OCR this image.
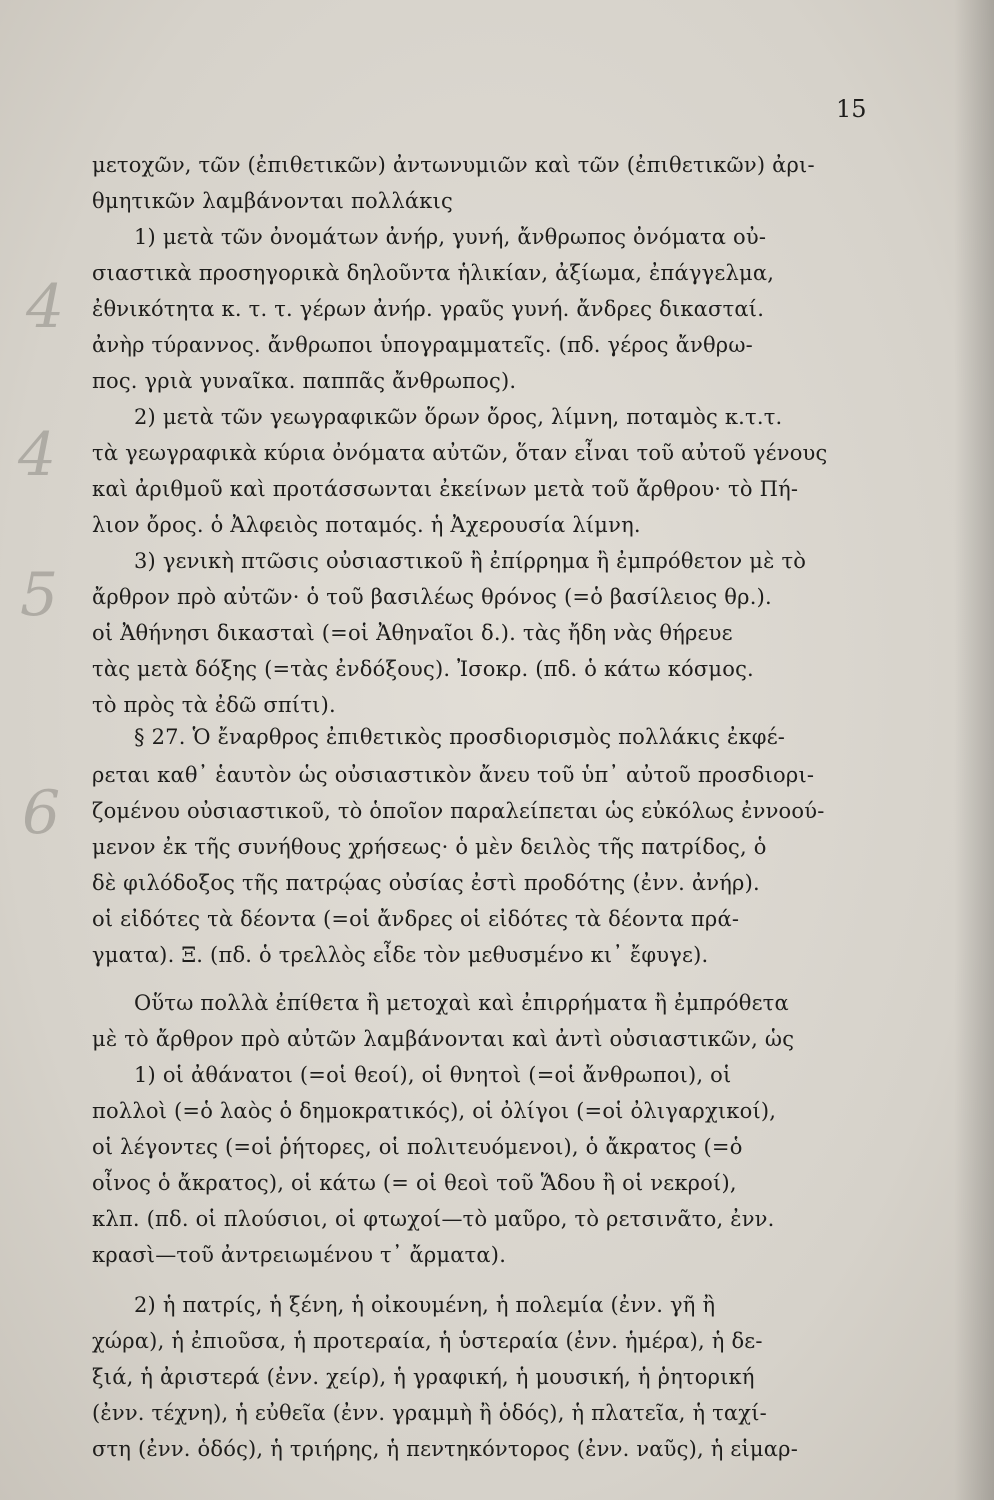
15
4
4
5
6
μετοχῶν, τῶν (ἐπιθετικῶν) ἀντωνυμιῶν καὶ τῶν (ἐπιθετικῶν) ἀρι-
θμητικῶν λαμβάνονται πολλάκις
1) μετὰ τῶν ὀνομάτων ἀνήρ, γυνή, ἄνθρωπος ὀνόματα οὐ-
σιαστικὰ προσηγορικὰ δηλοῦντα ἡλικίαν, ἀξίωμα, ἐπάγγελμα,
ἐθνικότητα κ. τ. τ. γέρων ἀνήρ. γραῦς γυνή. ἄνδρες δικασταί.
ἀνὴρ τύραννος. ἄνθρωποι ὑπογραμματεῖς. (πδ. γέρος ἄνθρω-
πος. γριὰ γυναῖκα. παππᾶς ἄνθρωπος).
2) μετὰ τῶν γεωγραφικῶν ὅρων ὄρος, λίμνη, ποταμὸς κ.τ.τ.
τὰ γεωγραφικὰ κύρια ὀνόματα αὐτῶν, ὅταν εἶναι τοῦ αὐτοῦ γένους
καὶ ἀριθμοῦ καὶ προτάσσωνται ἐκείνων μετὰ τοῦ ἄρθρου· τὸ Πή-
λιον ὄρος. ὁ Ἀλφειὸς ποταμός. ἡ Ἀχερουσία λίμνη.
3) γενικὴ πτῶσις οὐσιαστικοῦ ἢ ἐπίρρημα ἢ ἐμπρόθετον μὲ τὸ
ἄρθρον πρὸ αὐτῶν· ὁ τοῦ βασιλέως θρόνος (=ὁ βασίλειος θρ.).
οἱ Ἀθήνησι δικασταὶ (=οἱ Ἀθηναῖοι δ.). τὰς ἤδη νὰς θήρευε
τὰς μετὰ δόξης (=τὰς ἐνδόξους). Ἰσοκρ. (πδ. ὁ κάτω κόσμος.
τὸ πρὸς τὰ ἐδῶ σπίτι).
§ 27. Ὁ ἔναρθρος ἐπιθετικὸς προσδιορισμὸς πολλάκις ἐκφέ-
ρεται καθ᾽ ἑαυτὸν ὡς οὐσιαστικὸν ἄνευ τοῦ ὑπ᾽ αὐτοῦ προσδιορι-
ζομένου οὐσιαστικοῦ, τὸ ὁποῖον παραλείπεται ὡς εὐκόλως ἐννοού-
μενον ἐκ τῆς συνήθους χρήσεως· ὁ μὲν δειλὸς τῆς πατρίδος, ὁ
δὲ φιλόδοξος τῆς πατρῴας οὐσίας ἐστὶ προδότης (ἐνν. ἀνήρ).
οἱ εἰδότες τὰ δέοντα (=οἱ ἄνδρες οἱ εἰδότες τὰ δέοντα πρά-
γματα). Ξ. (πδ. ὁ τρελλὸς εἶδε τὸν μεθυσμένο κι᾽ ἔφυγε).
Οὕτω πολλὰ ἐπίθετα ἢ μετοχαὶ καὶ ἐπιρρήματα ἢ ἐμπρόθετα
μὲ τὸ ἄρθρον πρὸ αὐτῶν λαμβάνονται καὶ ἀντὶ οὐσιαστικῶν, ὡς
1) οἱ ἀθάνατοι (=οἱ θεοί), οἱ θνητοὶ (=οἱ ἄνθρωποι), οἱ
πολλοὶ (=ὁ λαὸς ὁ δημοκρατικός), οἱ ὀλίγοι (=οἱ ὀλιγαρχικοί),
οἱ λέγοντες (=οἱ ῥήτορες, οἱ πολιτευόμενοι), ὁ ἄκρατος (=ὁ
οἶνος ὁ ἄκρατος), οἱ κάτω (= οἱ θεοὶ τοῦ Ἅδου ἢ οἱ νεκροί),
κλπ. (πδ. οἱ πλούσιοι, οἱ φτωχοί—τὸ μαῦρο, τὸ ρετσινᾶτο, ἐνν.
κρασὶ—τοῦ ἀντρειωμένου τ᾽ ἄρματα).
2) ἡ πατρίς, ἡ ξένη, ἡ οἰκουμένη, ἡ πολεμία (ἐνν. γῆ ἢ
χώρα), ἡ ἐπιοῦσα, ἡ προτεραία, ἡ ὑστεραία (ἐνν. ἡμέρα), ἡ δε-
ξιά, ἡ ἀριστερά (ἐνν. χείρ), ἡ γραφική, ἡ μουσική, ἡ ῥητορική
(ἐνν. τέχνη), ἡ εὐθεῖα (ἐνν. γραμμὴ ἢ ὁδός), ἡ πλατεῖα, ἡ ταχί-
στη (ἐνν. ὁδός), ἡ τριήρης, ἡ πεντηκόντορος (ἐνν. ναῦς), ἡ εἱμαρ-
